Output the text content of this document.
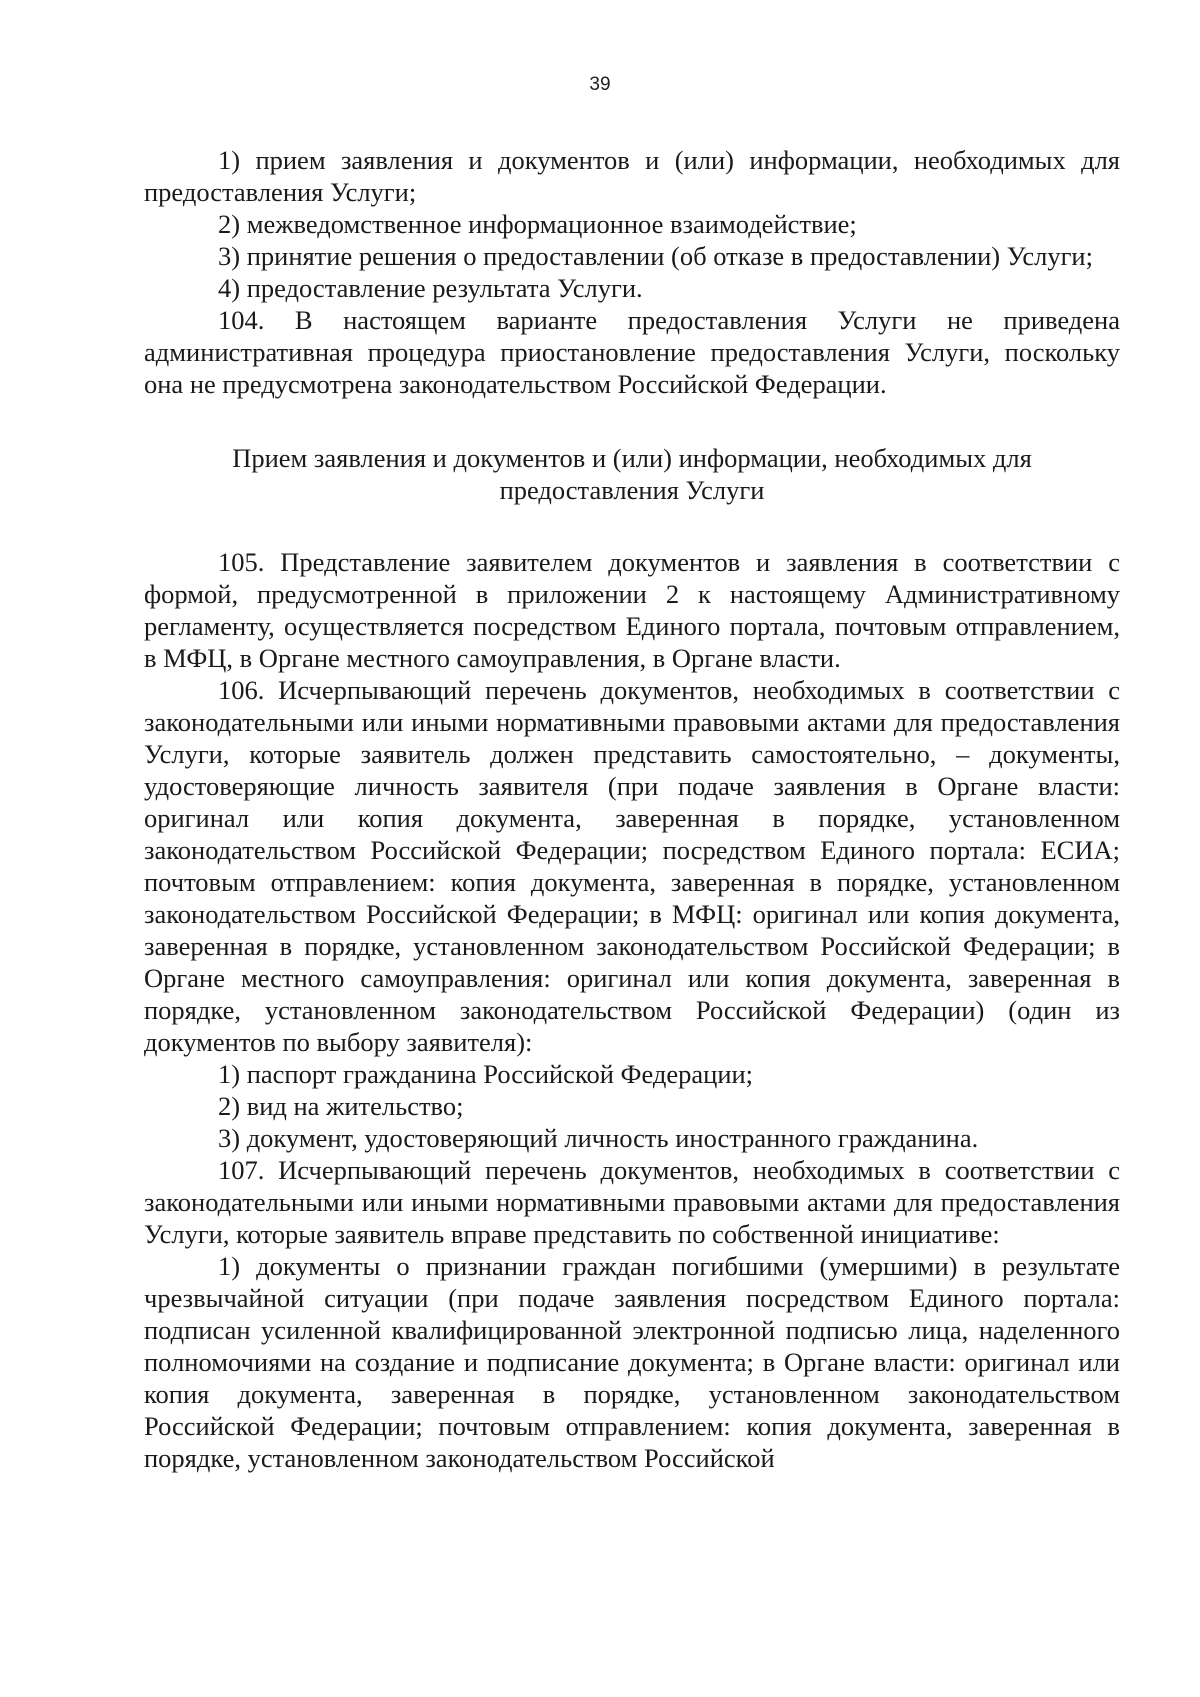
39

1) прием заявления и документов и (или) информации, необходимых для предоставления Услуги;

2) межведомственное информационное взаимодействие;

3) принятие решения о предоставлении (об отказе в предоставлении) Услуги;

4) предоставление результата Услуги.

104. В настоящем варианте предоставления Услуги не приведена административная процедура приостановление предоставления Услуги, поскольку она не предусмотрена законодательством Российской Федерации.

Прием заявления и документов и (или) информации, необходимых для предоставления Услуги

105. Представление заявителем документов и заявления в соответствии с формой, предусмотренной в приложении 2 к настоящему Административному регламенту, осуществляется посредством Единого портала, почтовым отправлением, в МФЦ, в Органе местного самоуправления, в Органе власти.

106. Исчерпывающий перечень документов, необходимых в соответствии с законодательными или иными нормативными правовыми актами для предоставления Услуги, которые заявитель должен представить самостоятельно, – документы, удостоверяющие личность заявителя (при подаче заявления в Органе власти: оригинал или копия документа, заверенная в порядке, установленном законодательством Российской Федерации; посредством Единого портала: ЕСИА; почтовым отправлением: копия документа, заверенная в порядке, установленном законодательством Российской Федерации; в МФЦ: оригинал или копия документа, заверенная в порядке, установленном законодательством Российской Федерации; в Органе местного самоуправления: оригинал или копия документа, заверенная в порядке, установленном законодательством Российской Федерации) (один из документов по выбору заявителя):

1) паспорт гражданина Российской Федерации;

2) вид на жительство;

3) документ, удостоверяющий личность иностранного гражданина.

107. Исчерпывающий перечень документов, необходимых в соответствии с законодательными или иными нормативными правовыми актами для предоставления Услуги, которые заявитель вправе представить по собственной инициативе:

1) документы о признании граждан погибшими (умершими) в результате чрезвычайной ситуации (при подаче заявления посредством Единого портала: подписан усиленной квалифицированной электронной подписью лица, наделенного полномочиями на создание и подписание документа; в Органе власти: оригинал или копия документа, заверенная в порядке, установленном законодательством Российской Федерации; почтовым отправлением: копия документа, заверенная в порядке, установленном законодательством Российской
